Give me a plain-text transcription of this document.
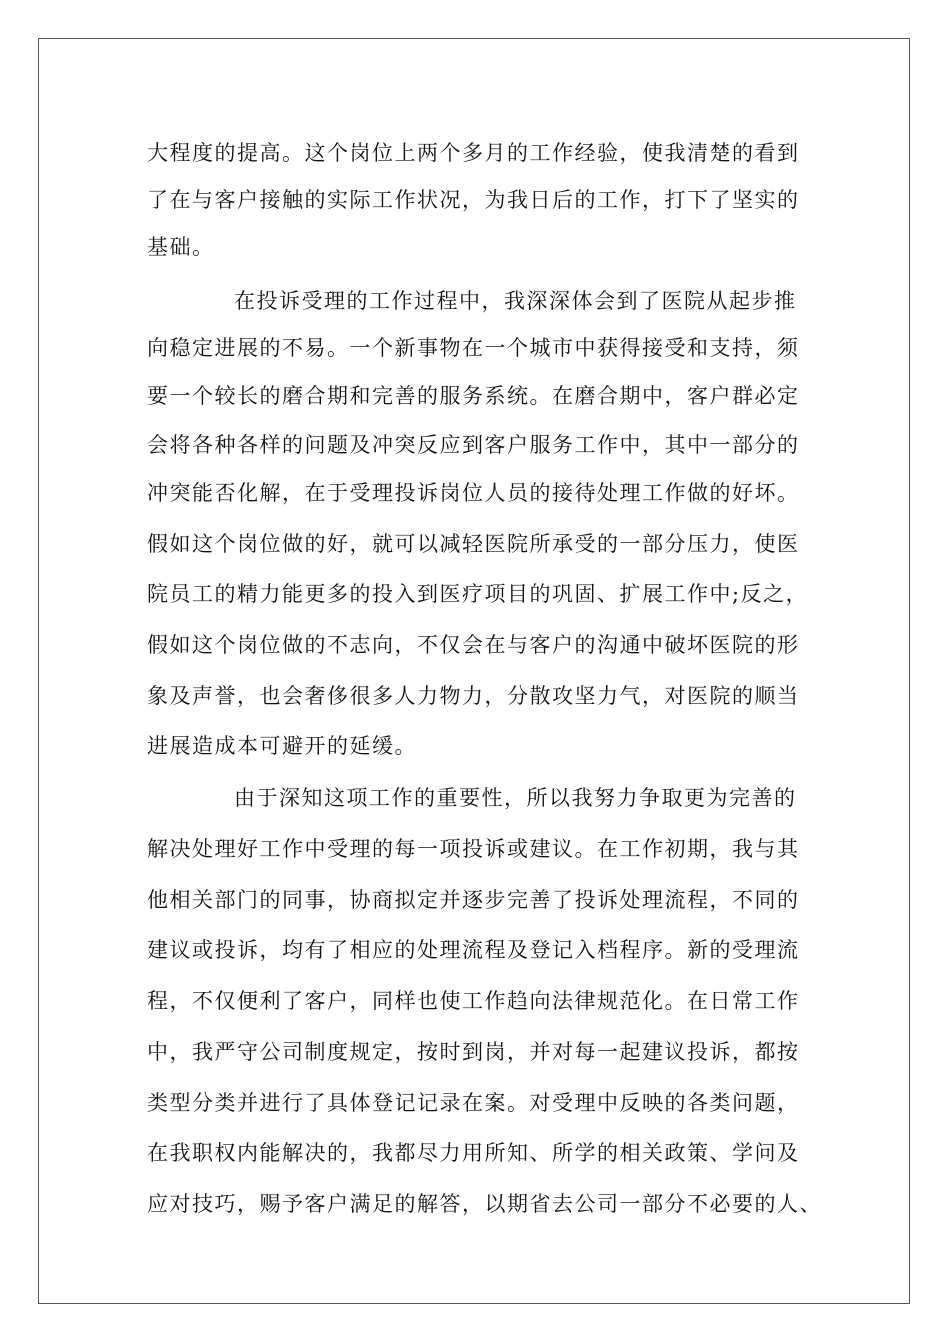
大程度的提高。这个岗位上两个多月的工作经验，使我清楚的看到
了在与客户接触的实际工作状况，为我日后的工作，打下了坚实的
基础。
在投诉受理的工作过程中，我深深体会到了医院从起步推
向稳定进展的不易。一个新事物在一个城市中获得接受和支持，须
要一个较长的磨合期和完善的服务系统。在磨合期中，客户群必定
会将各种各样的问题及冲突反应到客户服务工作中，其中一部分的
冲突能否化解，在于受理投诉岗位人员的接待处理工作做的好坏。
假如这个岗位做的好，就可以减轻医院所承受的一部分压力，使医
院员工的精力能更多的投入到医疗项目的巩固、扩展工作中;反之，
假如这个岗位做的不志向，不仅会在与客户的沟通中破坏医院的形
象及声誉，也会奢侈很多人力物力，分散攻坚力气，对医院的顺当
进展造成本可避开的延缓。
由于深知这项工作的重要性，所以我努力争取更为完善的
解决处理好工作中受理的每一项投诉或建议。在工作初期，我与其
他相关部门的同事，协商拟定并逐步完善了投诉处理流程，不同的
建议或投诉，均有了相应的处理流程及登记入档程序。新的受理流
程，不仅便利了客户，同样也使工作趋向法律规范化。在日常工作
中，我严守公司制度规定，按时到岗，并对每一起建议投诉，都按
类型分类并进行了具体登记记录在案。对受理中反映的各类问题，
在我职权内能解决的，我都尽力用所知、所学的相关政策、学问及
应对技巧，赐予客户满足的解答，以期省去公司一部分不必要的人、
